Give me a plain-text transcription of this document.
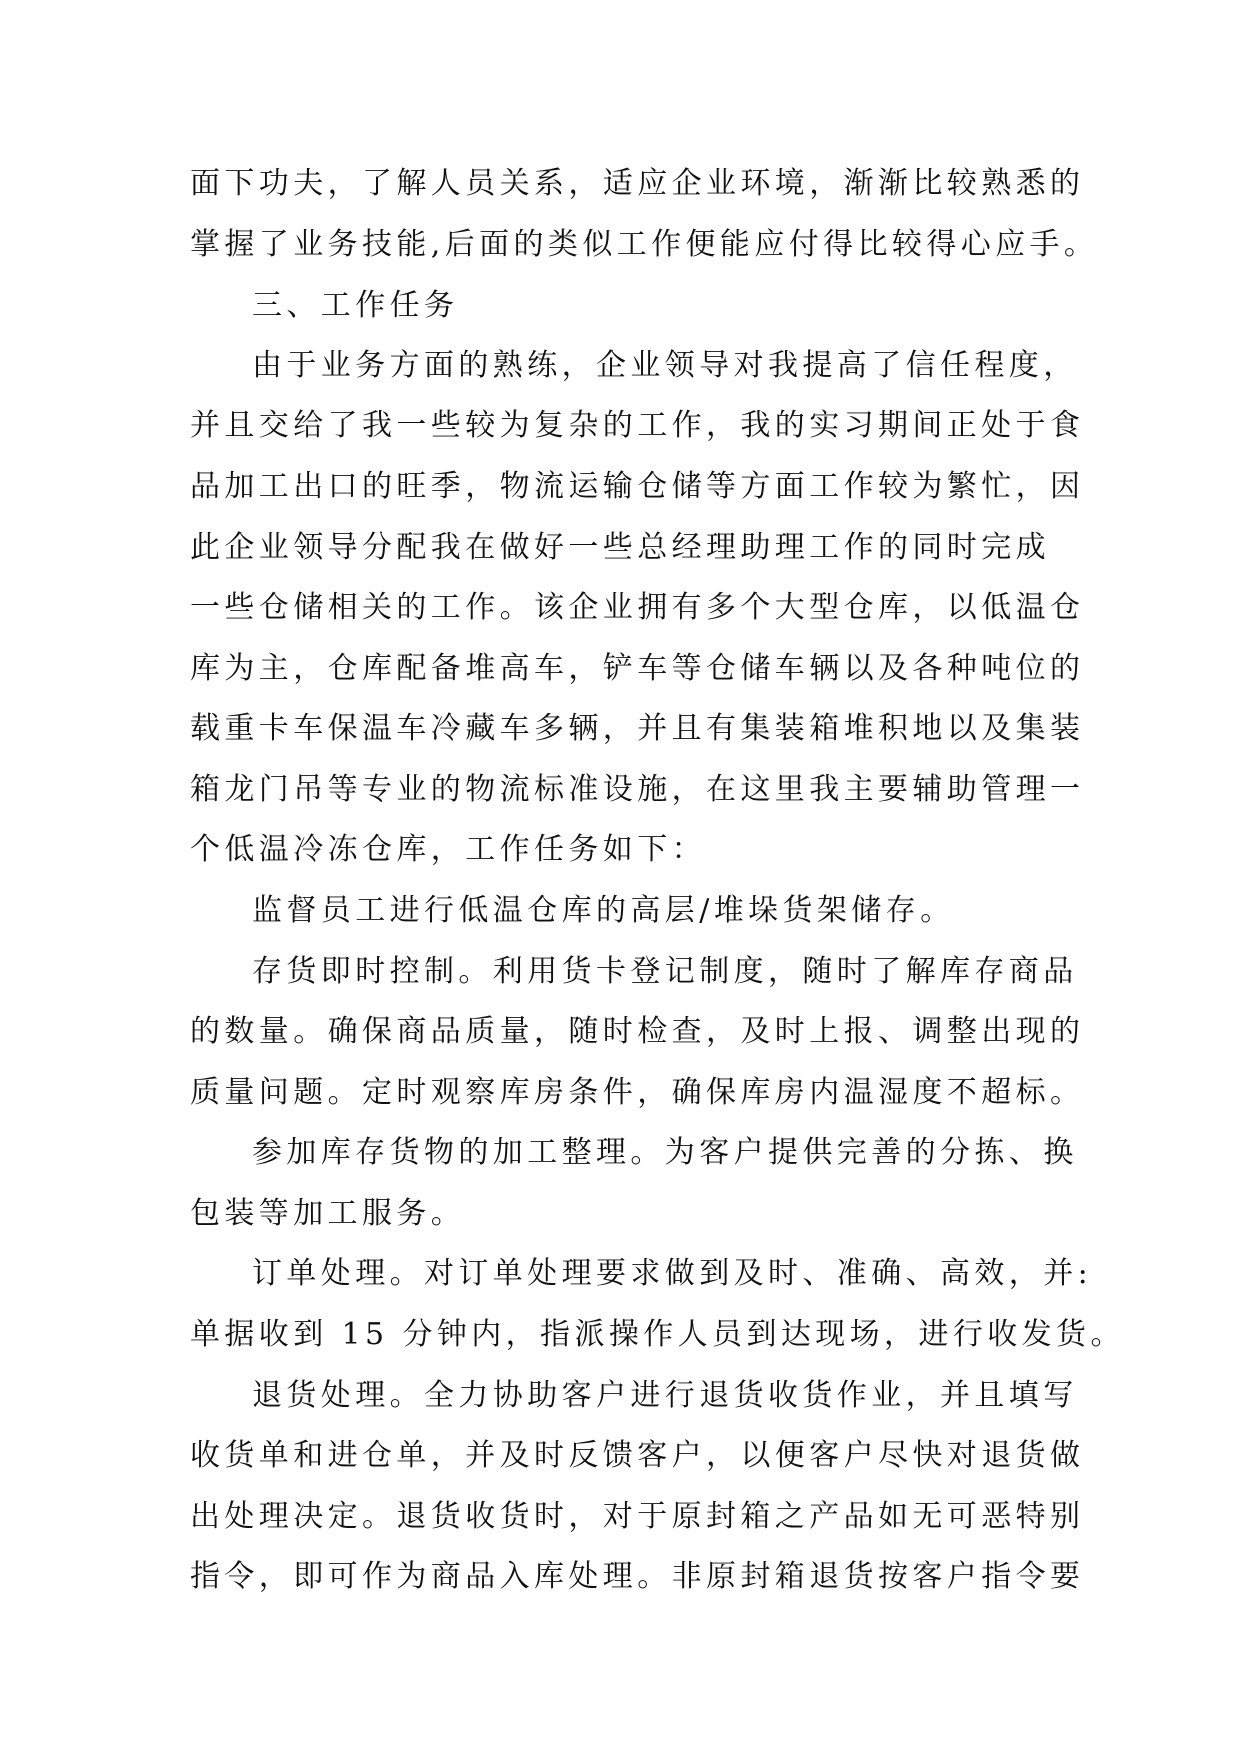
面下功夫，了解人员关系，适应企业环境，渐渐比较熟悉的
掌握了业务技能,后面的类似工作便能应付得比较得心应手。
三、工作任务
由于业务方面的熟练，企业领导对我提高了信任程度，
并且交给了我一些较为复杂的工作，我的实习期间正处于食
品加工出口的旺季，物流运输仓储等方面工作较为繁忙，因
此企业领导分配我在做好一些总经理助理工作的同时完成
一些仓储相关的工作。该企业拥有多个大型仓库，以低温仓
库为主，仓库配备堆高车，铲车等仓储车辆以及各种吨位的
载重卡车保温车冷藏车多辆，并且有集装箱堆积地以及集装
箱龙门吊等专业的物流标准设施，在这里我主要辅助管理一
个低温冷冻仓库，工作任务如下：
监督员工进行低温仓库的高层/堆垛货架储存。
存货即时控制。利用货卡登记制度，随时了解库存商品
的数量。确保商品质量，随时检查，及时上报、调整出现的
质量问题。定时观察库房条件，确保库房内温湿度不超标。
参加库存货物的加工整理。为客户提供完善的分拣、换
包装等加工服务。
订单处理。对订单处理要求做到及时、准确、高效，并:
单据收到 15 分钟内，指派操作人员到达现场，进行收发货。
退货处理。全力协助客户进行退货收货作业，并且填写
收货单和进仓单，并及时反馈客户，以便客户尽快对退货做
出处理决定。退货收货时，对于原封箱之产品如无可恶特别
指令，即可作为商品入库处理。非原封箱退货按客户指令要
